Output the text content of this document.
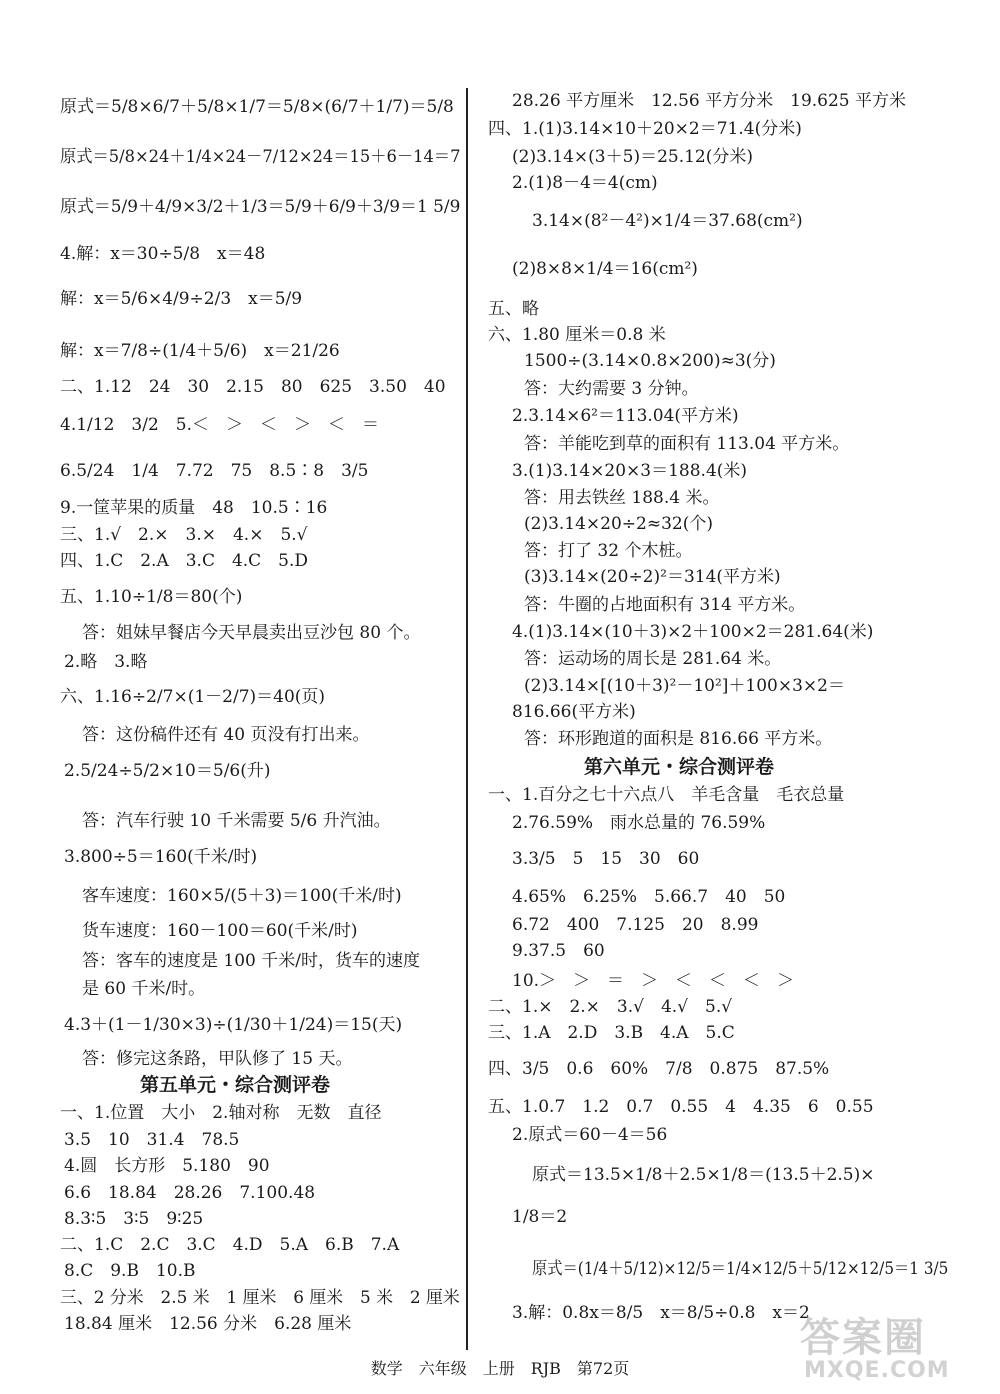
原式＝5/8×6/7＋5/8×1/7＝5/8×(6/7＋1/7)＝5/8
原式＝5/8×24＋1/4×24－7/12×24＝15＋6－14＝7
原式＝5/9＋4/9×3/2＋1/3＝5/9＋6/9＋3/9＝1 5/9
4.解：x＝30÷5/8　x＝48
解：x＝5/6×4/9÷2/3　x＝5/9
解：x＝7/8÷(1/4＋5/6)　x＝21/26
二、1.12　24　30　2.15　80　625　3.50　40
4.1/12　3/2　5.＜　＞　＜　＞　＜　＝
6.5/24　1/4　7.72　75　8.5∶8　3/5
9.一筐苹果的质量　48　10.5∶16
三、1.√　2.×　3.×　4.×　5.√
四、1.C　2.A　3.C　4.C　5.D
五、1.10÷1/8＝80(个)
答：姐妹早餐店今天早晨卖出豆沙包 80 个。
2.略　3.略
六、1.16÷2/7×(1－2/7)＝40(页)
答：这份稿件还有 40 页没有打出来。
2.5/24÷5/2×10＝5/6(升)
答：汽车行驶 10 千米需要 5/6 升汽油。
3.800÷5＝160(千米/时)
客车速度：160×5/(5＋3)＝100(千米/时)
货车速度：160－100＝60(千米/时)
答：客车的速度是 100 千米/时，货车的速度
是 60 千米/时。
4.3＋(1－1/30×3)÷(1/30＋1/24)＝15(天)
答：修完这条路，甲队修了 15 天。
第五单元・综合测评卷
一、1.位置　大小　2.轴对称　无数　直径
3.5　10　31.4　78.5
4.圆　长方形　5.180　90
6.6　18.84　28.26　7.100.48
8.3∶5　3∶5　9∶25
二、1.C　2.C　3.C　4.D　5.A　6.B　7.A
8.C　9.B　10.B
三、2 分米　2.5 米　1 厘米　6 厘米　5 米　2 厘米
18.84 厘米　12.56 分米　6.28 厘米
28.26 平方厘米　12.56 平方分米　19.625 平方米
四、1.(1)3.14×10＋20×2＝71.4(分米)
(2)3.14×(3＋5)＝25.12(分米)
2.(1)8－4＝4(cm)
3.14×(8²－4²)×1/4＝37.68(cm²)
(2)8×8×1/4＝16(cm²)
五、略
六、1.80 厘米＝0.8 米
1500÷(3.14×0.8×200)≈3(分)
答：大约需要 3 分钟。
2.3.14×6²＝113.04(平方米)
答：羊能吃到草的面积有 113.04 平方米。
3.(1)3.14×20×3＝188.4(米)
答：用去铁丝 188.4 米。
(2)3.14×20÷2≈32(个)
答：打了 32 个木桩。
(3)3.14×(20÷2)²＝314(平方米)
答：牛圈的占地面积有 314 平方米。
4.(1)3.14×(10＋3)×2＋100×2＝281.64(米)
答：运动场的周长是 281.64 米。
(2)3.14×[(10＋3)²－10²]＋100×3×2＝
816.66(平方米)
答：环形跑道的面积是 816.66 平方米。
第六单元・综合测评卷
一、1.百分之七十六点八　羊毛含量　毛衣总量
2.76.59%　雨水总量的 76.59%
3.3/5　5　15　30　60
4.65%　6.25%　5.66.7　40　50
6.72　400　7.125　20　8.99
9.37.5　60
10.＞　＞　＝　＞　＜　＜　＜　＞
二、1.×　2.×　3.√　4.√　5.√
三、1.A　2.D　3.B　4.A　5.C
四、3/5　0.6　60%　7/8　0.875　87.5%
五、1.0.7　1.2　0.7　0.55　4　4.35　6　0.55
2.原式＝60－4＝56
原式＝13.5×1/8＋2.5×1/8＝(13.5＋2.5)×
1/8＝2
原式＝(1/4＋5/12)×12/5＝1/4×12/5＋5/12×12/5＝1 3/5
3.解：0.8x＝8/5　x＝8/5÷0.8　x＝2
数学　六年级　上册　RJB　第72页
答案圈
MXQE.COM
